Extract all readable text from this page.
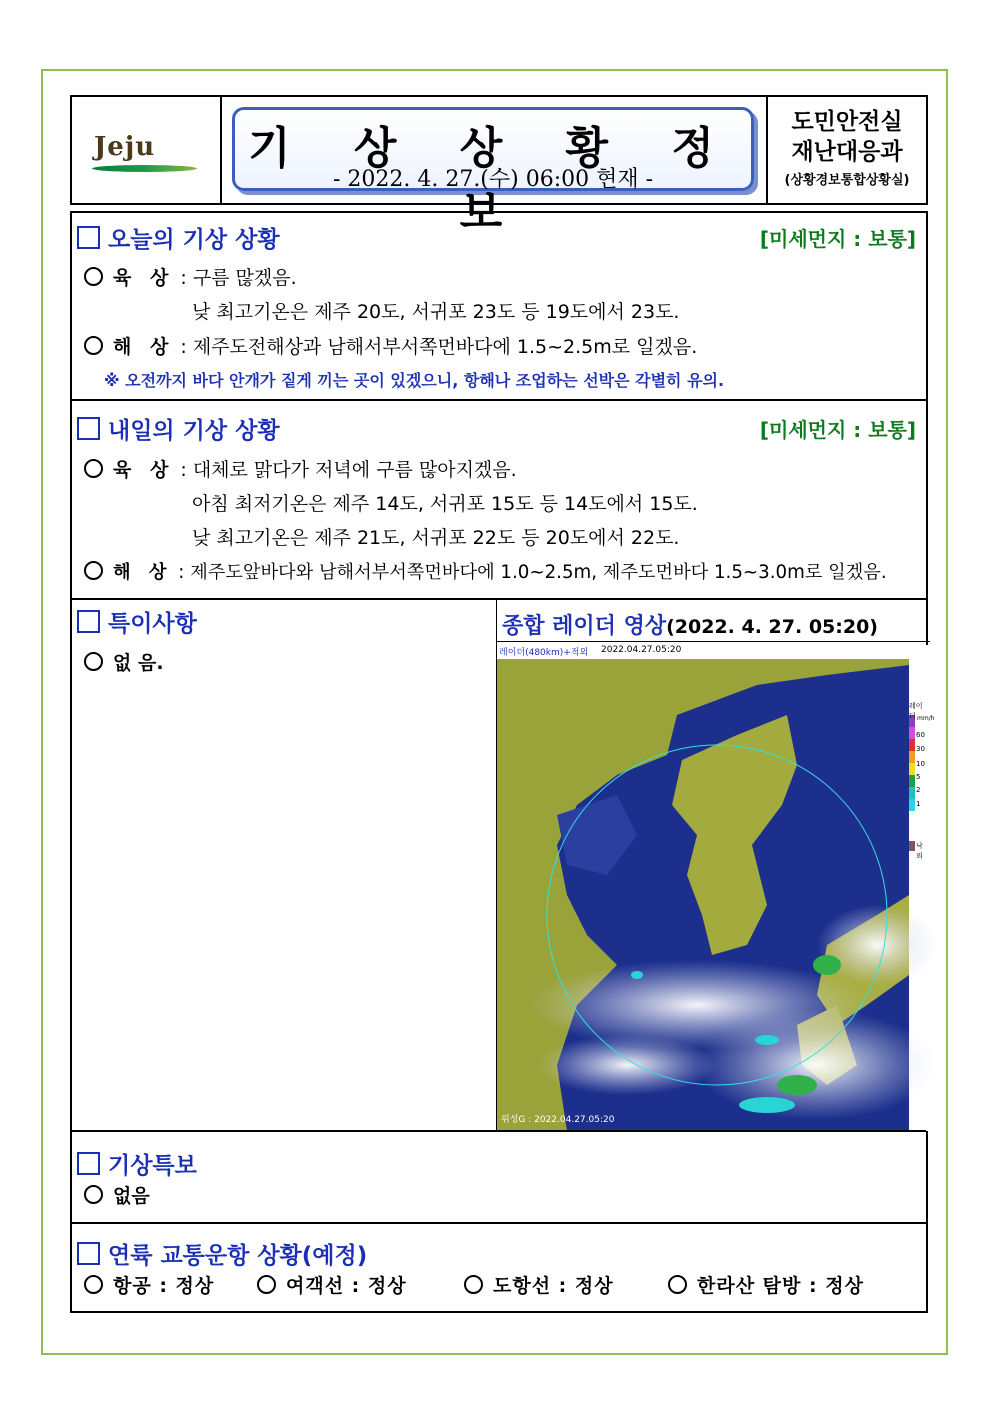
Jeju 기 상 상 황 정 보
- 2022. 4. 27.(수) 06:00 현재 -
도민안전실
재난대응과
(상황경보통합상황실)
오늘의 기상 상황	[미세먼지 : 보통]
육 상 : 구름 많겠음.
낮 최고기온은 제주 20도, 서귀포 23도 등 19도에서 23도.
해 상 : 제주도전해상과 남해서부서쪽먼바다에 1.5~2.5m로 일겠음.
※ 오전까지 바다 안개가 짙게 끼는 곳이 있겠으니, 항해나 조업하는 선박은 각별히 유의.
내일의 기상 상황	[미세먼지 : 보통]
육 상 : 대체로 맑다가 저녁에 구름 많아지겠음.
아침 최저기온은 제주 14도, 서귀포 15도 등 14도에서 15도.
낮 최고기온은 제주 21도, 서귀포 22도 등 20도에서 22도.
해 상 : 제주도앞바다와 남해서부서쪽먼바다에 1.0~2.5m, 제주도먼바다 1.5~3.0m로 일겠음.
특이사항
없 음.
종합 레이더 영상(2022. 4. 27. 05:20)
레이더(480km)+적외 2022.04.27.05:20
위성G : 2022.04.27.05:20
레이더 mm/h
60
30
10
5
2
1
낙뢰
기상특보
없음
연륙 교통운항 상황(예정)
항공 : 정상	여객선 : 정상	도항선 : 정상	한라산 탐방 : 정상
